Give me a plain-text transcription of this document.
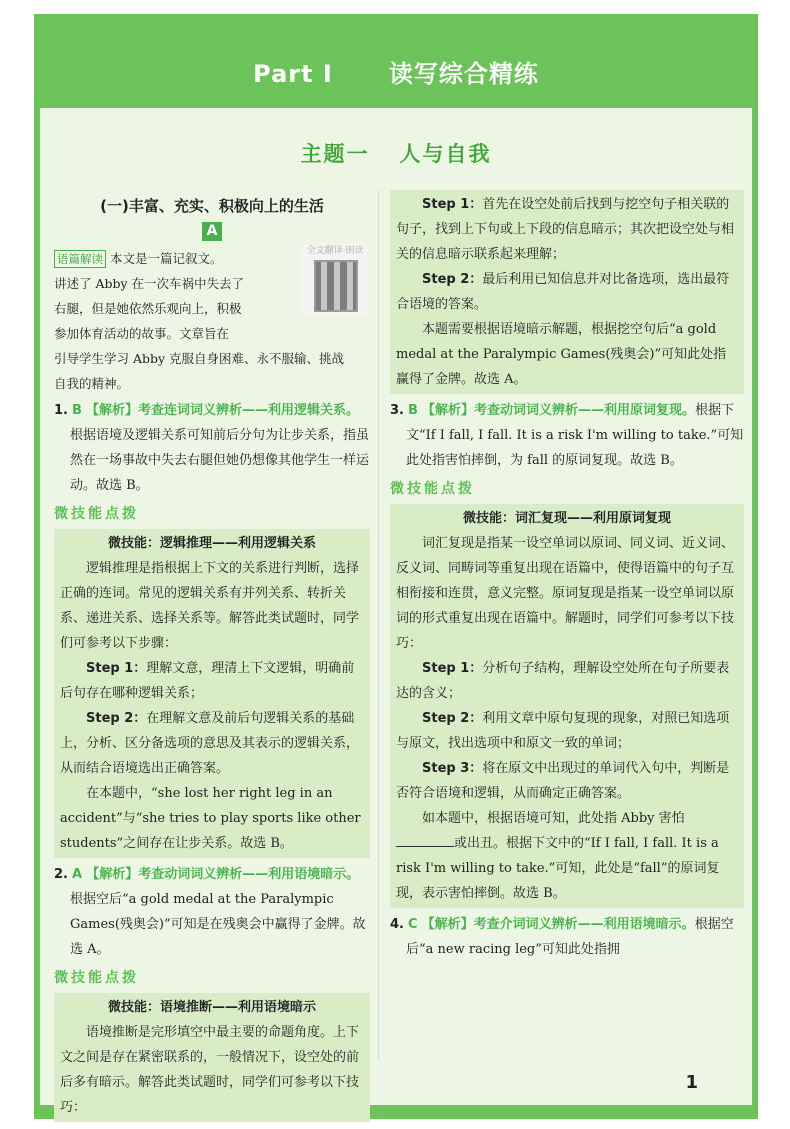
Part Ⅰ 读写综合精练
主题一 人与自我
(一)丰富、充实、积极向上的生活
A
全文翻译·朗读
语篇解读 本文是一篇记叙文。
讲述了 Abby 在一次车祸中失去了
右腿，但是她依然乐观向上，积极
参加体育活动的故事。文章旨在
引导学生学习 Abby 克服自身困难、永不服输、挑战
自我的精神。
1. B 【解析】考查连词词义辨析——利用逻辑关系。根据语境及逻辑关系可知前后分句为让步关系，指虽然在一场事故中失去右腿但她仍想像其他学生一样运动。故选 B。
微技能点拨
微技能：逻辑推理——利用逻辑关系
逻辑推理是指根据上下文的关系进行判断，选择正确的连词。常见的逻辑关系有并列关系、转折关系、递进关系、选择关系等。解答此类试题时，同学们可参考以下步骤：
Step 1：理解文意，理清上下文逻辑，明确前后句存在哪种逻辑关系；
Step 2：在理解文意及前后句逻辑关系的基础上，分析、区分备选项的意思及其表示的逻辑关系，从而结合语境选出正确答案。
在本题中，“she lost her right leg in an accident”与“she tries to play sports like other students”之间存在让步关系。故选 B。
2. A 【解析】考查动词词义辨析——利用语境暗示。根据空后“a gold medal at the Paralympic Games(残奥会)”可知是在残奥会中赢得了金牌。故选 A。
微技能点拨
微技能：语境推断——利用语境暗示
语境推断是完形填空中最主要的命题角度。上下文之间是存在紧密联系的，一般情况下，设空处的前后多有暗示。解答此类试题时，同学们可参考以下技巧：
Step 1：首先在设空处前后找到与挖空句子相关联的句子，找到上下句或上下段的信息暗示；其次把设空处与相关的信息暗示联系起来理解；
Step 2：最后利用已知信息并对比备选项，选出最符合语境的答案。
本题需要根据语境暗示解题，根据挖空句后“a gold medal at the Paralympic Games(残奥会)”可知此处指赢得了金牌。故选 A。
3. B 【解析】考查动词词义辨析——利用原词复现。根据下文“If I fall, I fall. It is a risk I'm willing to take.”可知此处指害怕摔倒，为 fall 的原词复现。故选 B。
微技能点拨
微技能：词汇复现——利用原词复现
词汇复现是指某一设空单词以原词、同义词、近义词、反义词、同畴词等重复出现在语篇中，使得语篇中的句子互相衔接和连贯，意义完整。原词复现是指某一设空单词以原词的形式重复出现在语篇中。解题时，同学们可参考以下技巧：
Step 1：分析句子结构，理解设空处所在句子所要表达的含义；
Step 2：利用文章中原句复现的现象，对照已知选项与原文，找出选项中和原文一致的单词；
Step 3：将在原文中出现过的单词代入句中，判断是否符合语境和逻辑，从而确定正确答案。
如本题中，根据语境可知，此处指 Abby 害怕或出丑。根据下文中的“If I fall, I fall. It is a risk I'm willing to take.”可知，此处是“fall”的原词复现，表示害怕摔倒。故选 B。
4. C 【解析】考查介词词义辨析——利用语境暗示。根据空后“a new racing leg”可知此处指拥
1
